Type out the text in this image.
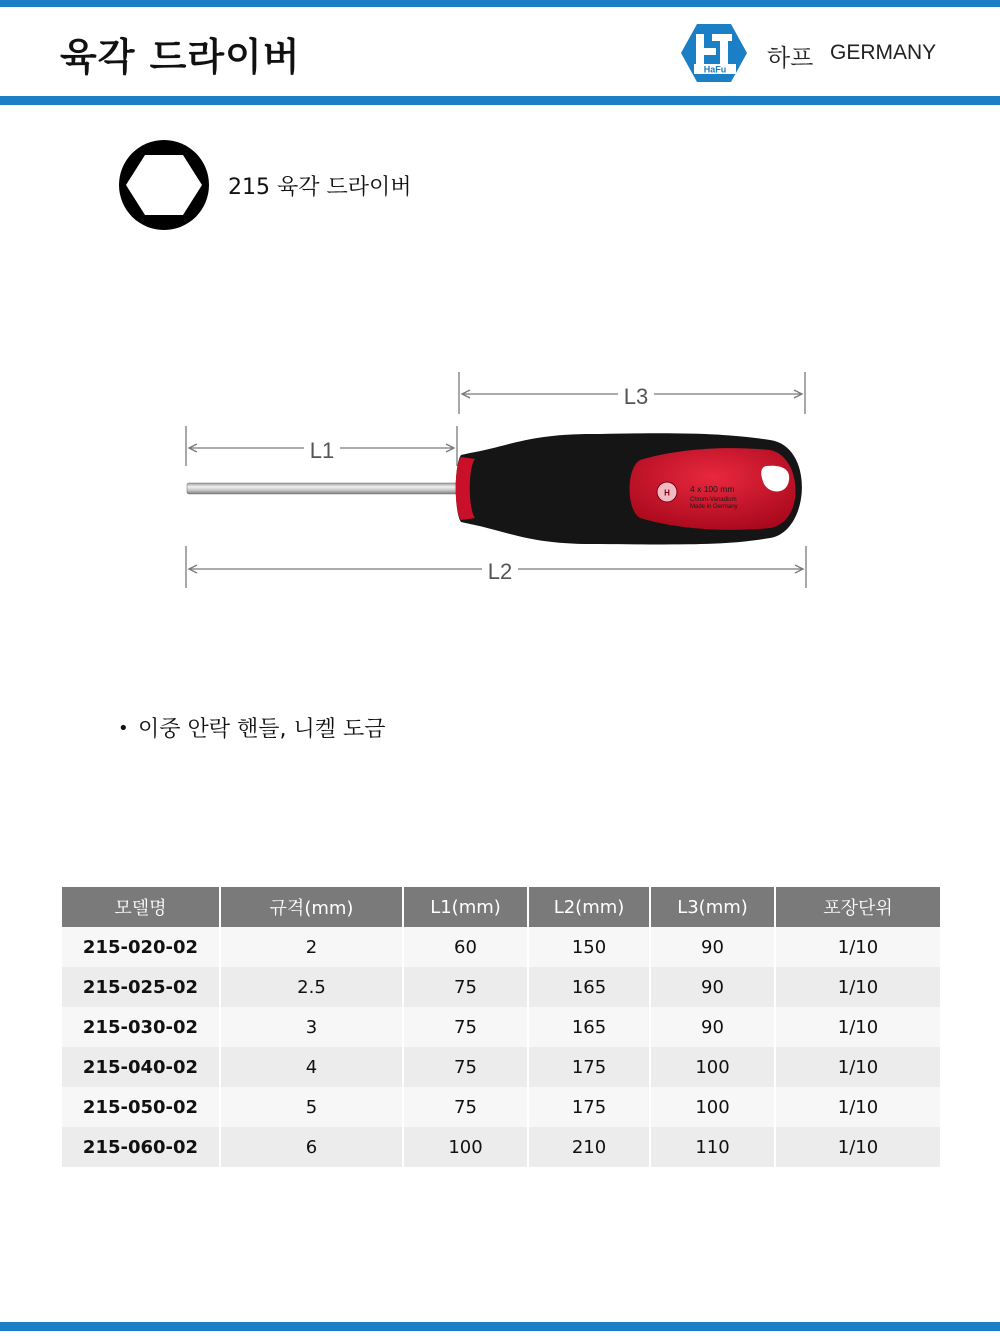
육각 드라이버	HaFu 하프 GERMANY
215 육각 드라이버
L3
L1
H 4 x 100 mm
Chrom-Vanadium
Made in Germany
L2
• 이중 안락 핸들, 니켈 도금
모델명	규격(mm)	L1(mm)	L2(mm)	L3(mm)	포장단위
215-020-02	2	60	150	90	1/10
215-025-02	2.5	75	165	90	1/10
215-030-02	3	75	165	90	1/10
215-040-02	4	75	175	100	1/10
215-050-02	5	75	175	100	1/10
215-060-02	6	100	210	110	1/10
